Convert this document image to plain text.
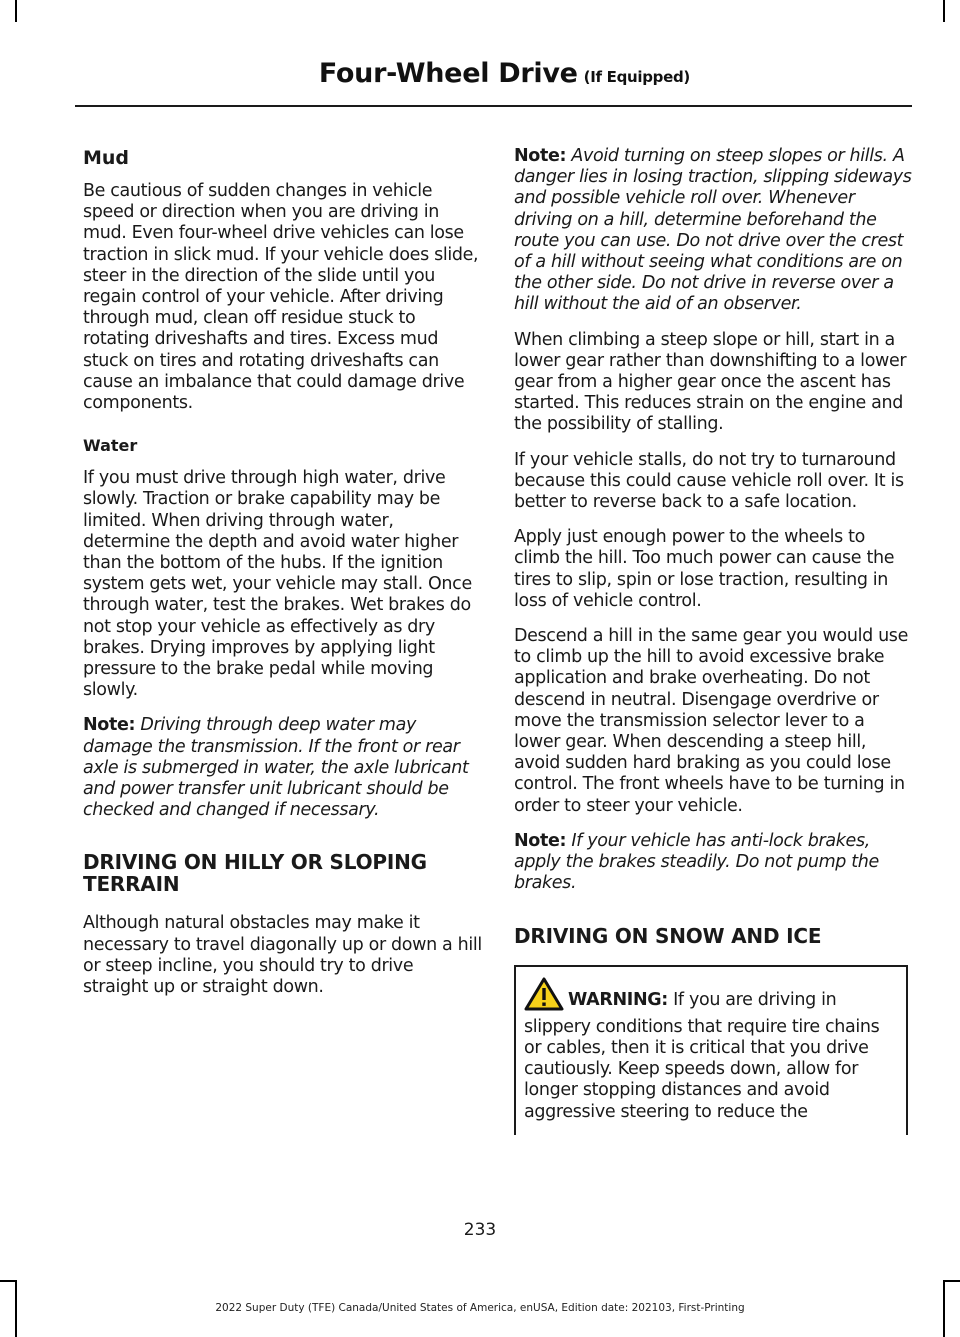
Four-Wheel Drive (If Equipped)
Mud

Be cautious of sudden changes in vehicle speed or direction when you are driving in mud. Even four-wheel drive vehicles can lose traction in slick mud. If your vehicle does slide, steer in the direction of the slide until you regain control of your vehicle. After driving through mud, clean off residue stuck to rotating driveshafts and tires. Excess mud stuck on tires and rotating driveshafts can cause an imbalance that could damage drive components.

Water

If you must drive through high water, drive slowly. Traction or brake capability may be limited. When driving through water, determine the depth and avoid water higher than the bottom of the hubs. If the ignition system gets wet, your vehicle may stall. Once through water, test the brakes. Wet brakes do not stop your vehicle as effectively as dry brakes. Drying improves by applying light pressure to the brake pedal while moving slowly.

Note: Driving through deep water may damage the transmission. If the front or rear axle is submerged in water, the axle lubricant and power transfer unit lubricant should be checked and changed if necessary.

DRIVING ON HILLY OR SLOPING TERRAIN

Although natural obstacles may make it necessary to travel diagonally up or down a hill or steep incline, you should try to drive straight up or straight down.

Note: Avoid turning on steep slopes or hills. A danger lies in losing traction, slipping sideways and possible vehicle roll over. Whenever driving on a hill, determine beforehand the route you can use. Do not drive over the crest of a hill without seeing what conditions are on the other side. Do not drive in reverse over a hill without the aid of an observer.

When climbing a steep slope or hill, start in a lower gear rather than downshifting to a lower gear from a higher gear once the ascent has started. This reduces strain on the engine and the possibility of stalling.

If your vehicle stalls, do not try to turnaround because this could cause vehicle roll over. It is better to reverse back to a safe location.

Apply just enough power to the wheels to climb the hill. Too much power can cause the tires to slip, spin or lose traction, resulting in loss of vehicle control.

Descend a hill in the same gear you would use to climb up the hill to avoid excessive brake application and brake overheating. Do not descend in neutral. Disengage overdrive or move the transmission selector lever to a lower gear. When descending a steep hill, avoid sudden hard braking as you could lose control. The front wheels have to be turning in order to steer your vehicle.

Note: If your vehicle has anti-lock brakes, apply the brakes steadily. Do not pump the brakes.

DRIVING ON SNOW AND ICE

WARNING: If you are driving in slippery conditions that require tire chains or cables, then it is critical that you drive cautiously. Keep speeds down, allow for longer stopping distances and avoid aggressive steering to reduce the

233
2022 Super Duty (TFE) Canada/United States of America, enUSA, Edition date: 202103, First-Printing
